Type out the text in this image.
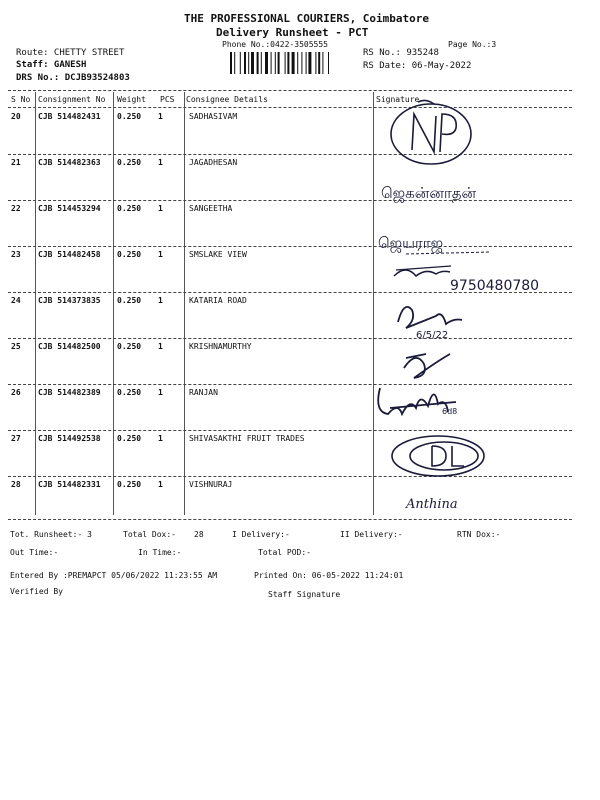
THE PROFESSIONAL COURIERS, Coimbatore
Delivery Runsheet - PCT
Phone No.:0422-3505555	Page No.:3
Route: CHETTY STREET
Staff: GANESH
DRS No.: DCJB93524803
RS No.: 935248
RS Date: 06-May-2022
S No Consignment No Weight PCS Consignee Details	Signature
20 CJB 514482431 0.250 1	SADHASIVAM
21 CJB 514482363 0.250 1	JAGADHESAN
22 CJB 514453294 0.250 1	SANGEETHA
23 CJB 514482458 0.250 1	SMSLAKE VIEW
24 CJB 514373835 0.250 1	KATARIA ROAD
25 CJB 514482500 0.250 1	KRISHNAMURTHY
26 CJB 514482389 0.250 1	RANJAN
27 CJB 514492538 0.250 1	SHIVASAKTHI FRUIT TRADES
28 CJB 514482331 0.250 1	VISHNURAJ
ஜெகன்னாதன்
ஜெயராஜ
9750480780
6/5/22
6d8
Anthina
Tot. Runsheet:- 3	Total Dox:- 28	I Delivery:-	II Delivery:-	RTN Dox:-
Out Time:-	In Time:-	Total POD:-
Entered By :PREMAPCT 05/06/2022 11:23:55 AM	Printed On: 06-05-2022 11:24:01
Verified By	Staff Signature
